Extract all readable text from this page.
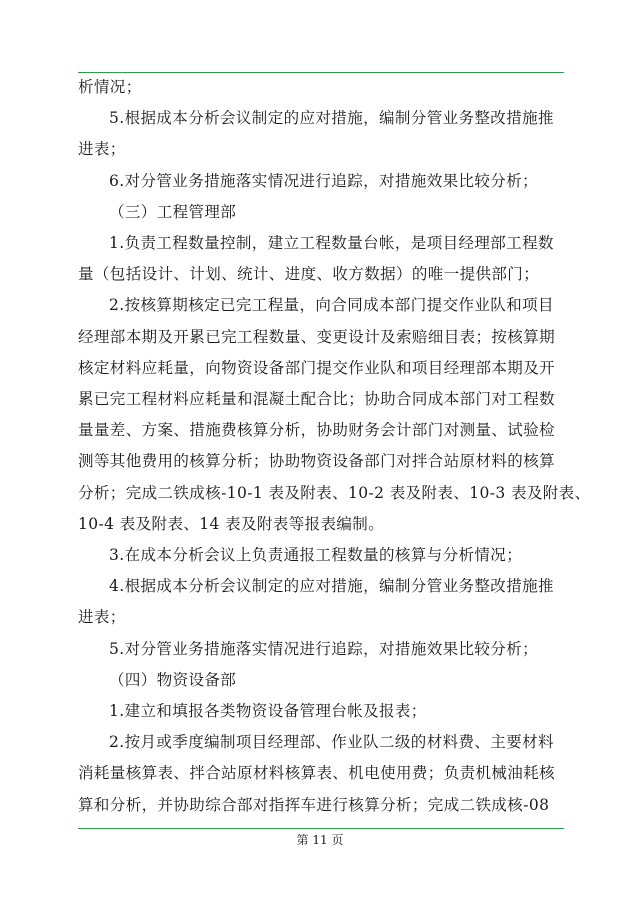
析情况；
5.根据成本分析会议制定的应对措施，编制分管业务整改措施推
进表；
6.对分管业务措施落实情况进行追踪，对措施效果比较分析；
（三）工程管理部
1.负责工程数量控制，建立工程数量台帐，是项目经理部工程数
量（包括设计、计划、统计、进度、收方数据）的唯一提供部门；
2.按核算期核定已完工程量，向合同成本部门提交作业队和项目
经理部本期及开累已完工程数量、变更设计及索赔细目表；按核算期
核定材料应耗量，向物资设备部门提交作业队和项目经理部本期及开
累已完工程材料应耗量和混凝土配合比；协助合同成本部门对工程数
量量差、方案、措施费核算分析，协助财务会计部门对测量、试验检
测等其他费用的核算分析；协助物资设备部门对拌合站原材料的核算
分析；完成二铁成核-10-1 表及附表、10-2 表及附表、10-3 表及附表、
10-4 表及附表、14 表及附表等报表编制。
3.在成本分析会议上负责通报工程数量的核算与分析情况；
4.根据成本分析会议制定的应对措施，编制分管业务整改措施推
进表；
5.对分管业务措施落实情况进行追踪，对措施效果比较分析；
（四）物资设备部
1.建立和填报各类物资设备管理台帐及报表；
2.按月或季度编制项目经理部、作业队二级的材料费、主要材料
消耗量核算表、拌合站原材料核算表、机电使用费；负责机械油耗核
算和分析，并协助综合部对指挥车进行核算分析；完成二铁成核-08
第 11 页
